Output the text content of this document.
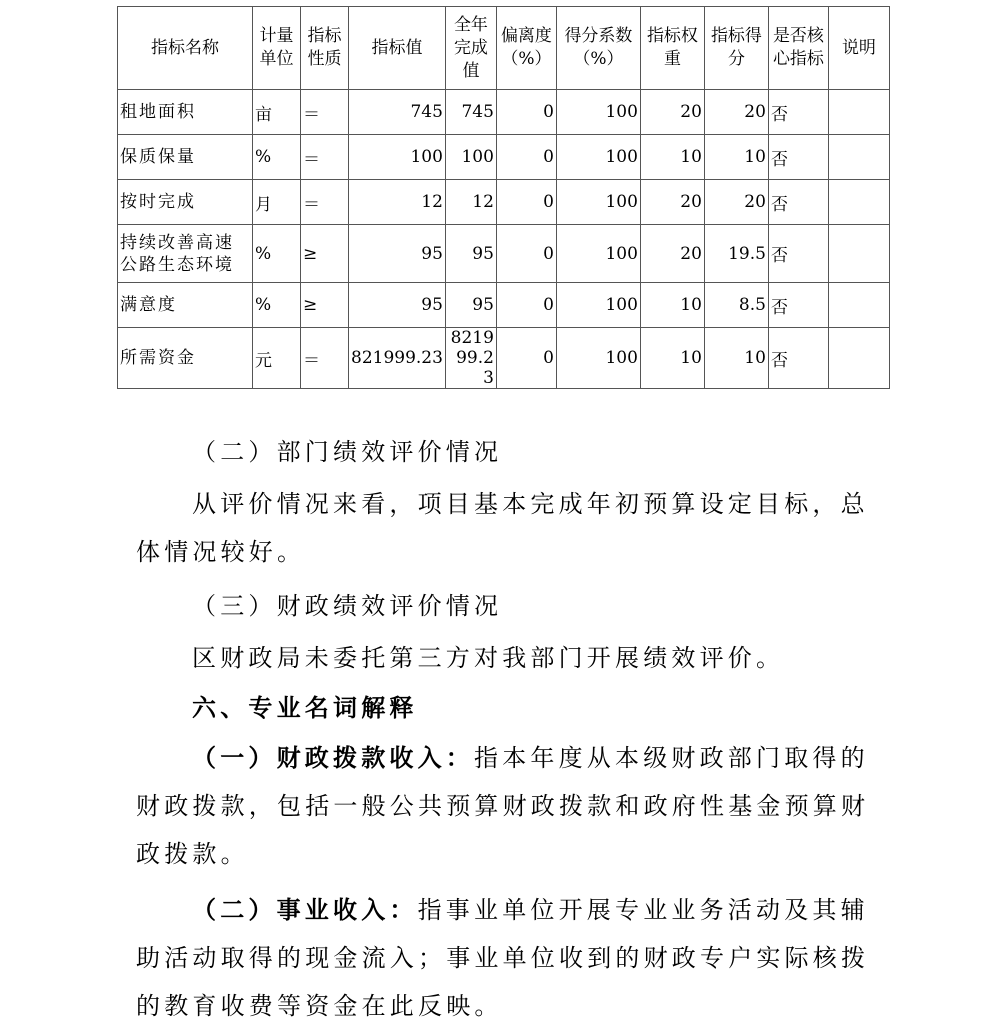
指标名称	计量单位	指标性质	指标值	全年完成值	偏离度（%）	得分系数（%）	指标权重	指标得分	是否核心指标	说明
租地面积	亩	＝	745	745	0	100	20	20	否	
保质保量	%	＝	100	100	0	100	10	10	否	
按时完成	月	＝	12	12	0	100	20	20	否	
持续改善高速公路生态环境	%	≥	95	95	0	100	20	19.5	否	
满意度	%	≥	95	95	0	100	10	8.5	否	
所需资金	元	＝	821999.23	821999.23	0	100	10	10	否	

（二）部门绩效评价情况

从评价情况来看，项目基本完成年初预算设定目标，总体情况较好。

（三）财政绩效评价情况

区财政局未委托第三方对我部门开展绩效评价。

六、专业名词解释

（一）财政拨款收入：指本年度从本级财政部门取得的财政拨款，包括一般公共预算财政拨款和政府性基金预算财政拨款。

（二）事业收入：指事业单位开展专业业务活动及其辅助活动取得的现金流入；事业单位收到的财政专户实际核拨的教育收费等资金在此反映。
